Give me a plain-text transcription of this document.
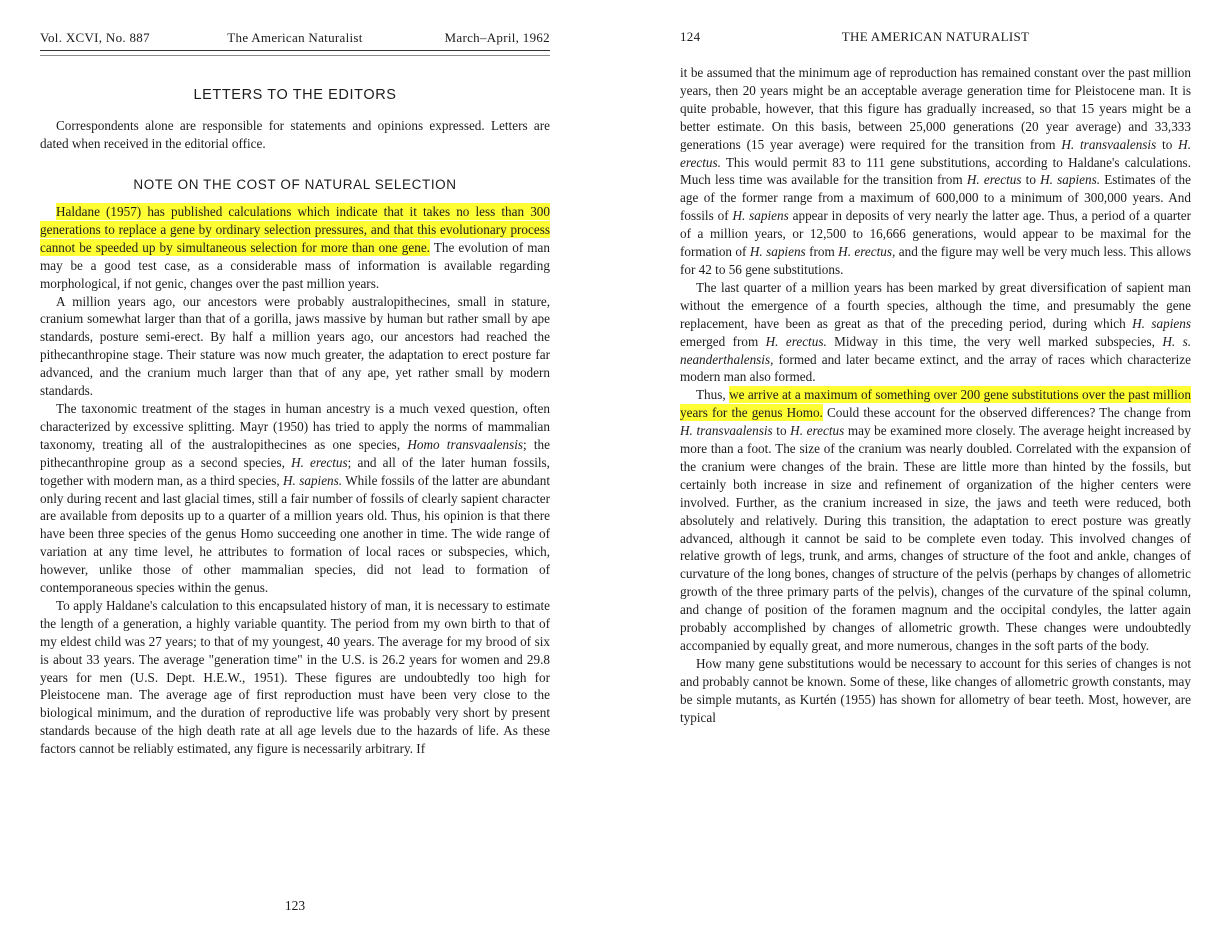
Vol. XCVI, No. 887	The American Naturalist	March–April, 1962
LETTERS TO THE EDITORS

Correspondents alone are responsible for statements and opinions expressed. Letters are dated when received in the editorial office.

NOTE ON THE COST OF NATURAL SELECTION

Haldane (1957) has published calculations which indicate that it takes no less than 300 generations to replace a gene by ordinary selection pressures, and that this evolutionary process cannot be speeded up by simultaneous selection for more than one gene. The evolution of man may be a good test case, as a considerable mass of information is available regarding morphological, if not genic, changes over the past million years.

A million years ago, our ancestors were probably australopithecines, small in stature, cranium somewhat larger than that of a gorilla, jaws massive by human but rather small by ape standards, posture semi-erect. By half a million years ago, our ancestors had reached the pithecanthropine stage. Their stature was now much greater, the adaptation to erect posture far advanced, and the cranium much larger than that of any ape, yet rather small by modern standards.

The taxonomic treatment of the stages in human ancestry is a much vexed question, often characterized by excessive splitting. Mayr (1950) has tried to apply the norms of mammalian taxonomy, treating all of the australopithecines as one species, Homo transvaalensis; the pithecanthropine group as a second species, H. erectus; and all of the later human fossils, together with modern man, as a third species, H. sapiens. While fossils of the latter are abundant only during recent and last glacial times, still a fair number of fossils of clearly sapient character are available from deposits up to a quarter of a million years old. Thus, his opinion is that there have been three species of the genus Homo succeeding one another in time. The wide range of variation at any time level, he attributes to formation of local races or subspecies, which, however, unlike those of other mammalian species, did not lead to formation of contemporaneous species within the genus.

To apply Haldane's calculation to this encapsulated history of man, it is necessary to estimate the length of a generation, a highly variable quantity. The period from my own birth to that of my eldest child was 27 years; to that of my youngest, 40 years. The average for my brood of six is about 33 years. The average "generation time" in the U.S. is 26.2 years for women and 29.8 years for men (U.S. Dept. H.E.W., 1951). These figures are undoubtedly too high for Pleistocene man. The average age of first reproduction must have been very close to the biological minimum, and the duration of reproductive life was probably very short by present standards because of the high death rate at all age levels due to the hazards of life. As these factors cannot be reliably estimated, any figure is necessarily arbitrary. If

123
124	THE AMERICAN NATURALIST

it be assumed that the minimum age of reproduction has remained constant over the past million years, then 20 years might be an acceptable average generation time for Pleistocene man. It is quite probable, however, that this figure has gradually increased, so that 15 years might be a better estimate. On this basis, between 25,000 generations (20 year average) and 33,333 generations (15 year average) were required for the transition from H. transvaalensis to H. erectus. This would permit 83 to 111 gene substitutions, according to Haldane's calculations. Much less time was available for the transition from H. erectus to H. sapiens. Estimates of the age of the former range from a maximum of 600,000 to a minimum of 300,000 years. And fossils of H. sapiens appear in deposits of very nearly the latter age. Thus, a period of a quarter of a million years, or 12,500 to 16,666 generations, would appear to be maximal for the formation of H. sapiens from H. erectus, and the figure may well be very much less. This allows for 42 to 56 gene substitutions.

The last quarter of a million years has been marked by great diversification of sapient man without the emergence of a fourth species, although the time, and presumably the gene replacement, have been as great as that of the preceding period, during which H. sapiens emerged from H. erectus. Midway in this time, the very well marked subspecies, H. s. neanderthalensis, formed and later became extinct, and the array of races which characterize modern man also formed.

Thus, we arrive at a maximum of something over 200 gene substitutions over the past million years for the genus Homo. Could these account for the observed differences? The change from H. transvaalensis to H. erectus may be examined more closely. The average height increased by more than a foot. The size of the cranium was nearly doubled. Correlated with the expansion of the cranium were changes of the brain. These are little more than hinted by the fossils, but certainly both increase in size and refinement of organization of the higher centers were involved. Further, as the cranium increased in size, the jaws and teeth were reduced, both absolutely and relatively. During this transition, the adaptation to erect posture was greatly advanced, although it cannot be said to be complete even today. This involved changes of relative growth of legs, trunk, and arms, changes of structure of the foot and ankle, changes of curvature of the long bones, changes of structure of the pelvis (perhaps by changes of allometric growth of the three primary parts of the pelvis), changes of the curvature of the spinal column, and change of position of the foramen magnum and the occipital condyles, the latter again probably accomplished by changes of allometric growth. These changes were undoubtedly accompanied by equally great, and more numerous, changes in the soft parts of the body.

How many gene substitutions would be necessary to account for this series of changes is not and probably cannot be known. Some of these, like changes of allometric growth constants, may be simple mutants, as Kurtén (1955) has shown for allometry of bear teeth. Most, however, are typical
